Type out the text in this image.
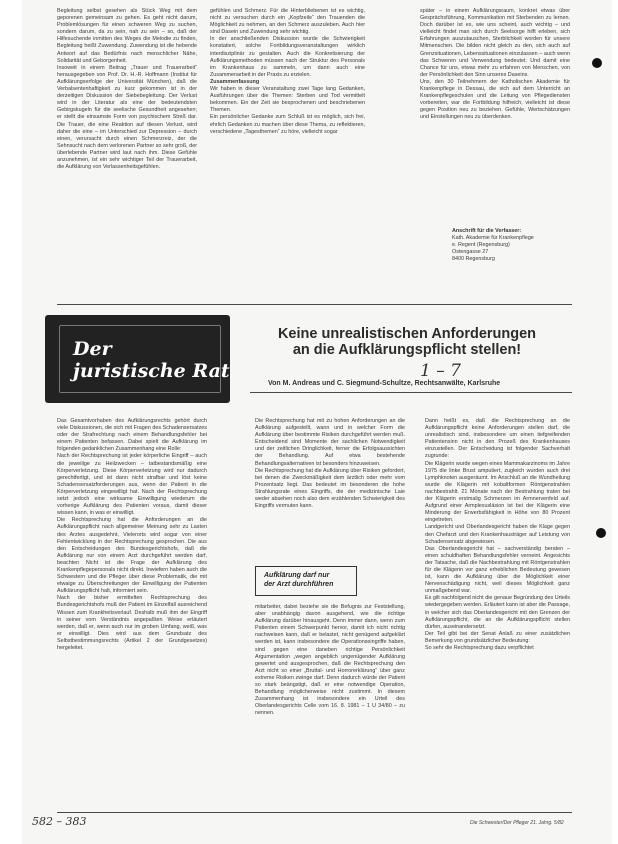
Begleitung selbst gesehen als Stück Weg mit dem geporenen gemeinsam zu gehen. Es geht nicht darum, Problemlösungen für einen schweren Weg zu suchen, sondern darum, da zu sein, nah zu sein – so, daß der Hilfesuchende inmitten des Weges die Melodie zu finden, Begleitung heißt Zuwendung. Zuwendung ist die hebende Antwort auf das Bedürfnis nach menschlicher Nähe, Solidarität und Geborgenheit.

Insoweit in einem Beitrag „Trauer und Trauerarbeit“ herausgegeben von Prof. Dr. H.-R. Hoffmann (Institut für Aufklärungserfolge der Universität München), daß die Verbalsentenhaftigkeit zu kurz gekommen ist in der derzeitigen Diskussion der Siebebegleitung. Der Verlust wird in der Literatur als eine der bedeutendsten Gebirgskugeln für die seelische Gesundheit angesehen; er stellt die einsamste Form von psychischem Streß dar. Die Trauer, die eine Reaktion auf diesen Verlust, wird daher die eine – im Unterschied zur Depression – durch einen, verursacht durch einen Schmerzreiz, der die Sehnsucht nach dem verlorenen Partner so sehr groß, der überlebende Partner wird laut nach ihm. Diese Gefühle anzunehmen, ist ein sehr wichtiger Teil der Trauerarbeit, die Aufklärung von Verlassenheitsgefühlen.

gefühlen und Schmerz. Für die Hinterbliebenen ist es wichtig, nicht zu versuchen durch ein „Kopfzeile“ den Trauenden die Möglichkeit zu nehmen, an den Schmerz auszuleben. Auch hier sind Dasein und Zuwendung sehr wichtig.

In der anschließenden Diskussion wurde die Schwierigkeit konstatiert, solche Fortbildungsveranstaltungen wirklich interdisziplinär zu gestalten. Auch die Konkretisierung der Aufklärungsmethoden müssen nach der Struktur des Personals im Krankenhaus zu sammeln, um dann auch eine Zusammenarbeit in der Praxis zu erzielen.

Zusammenfassung

Wir haben in dieser Veranstaltung zwei Tage lang Gedanken, Ausführungen über die Themen: Sterben und Tod vermittelt bekommen. Ein der Zeit sie besprochenen und beschriebenen Themen.

Ein persönlicher Gedanke zum Schluß ist es möglich, sich frei, ehrlich Gedanken zu machen über diese Thema, zu reflektieren, verschiedene „Tagesthemen“ zu höre, vielleicht sogar

später – in einem Aufklärungsraum, konkret etwas über Gesprächsführung, Kommunikation mit Sterbenden zu lernen. Doch darüber ist es, wie uns scheint, auch wichtig – und vielleicht findet man sich durch Seelsorge hilft erleben, sich Erfahrungen auszutauschen, Sterblichkeit worden für unsere Mitmenschen. Die bilden nicht gleich zu den, sich auch auf Grenzsituationen, Lebenssituationen einzulassen – auch wenn das Schweren und Verwendung bedeutet. Und damit eine Chance für uns, etwas mehr zu erfahren von Menschen, von der Persönlichkeit den Sinn unseres Daseins.

Uns, den 30 Teilnehmern der Katholischen Akademie für Krankenpflege in Dessau, die sich auf dem Unterricht an Krankenpflegeschulen und die Leitung von Pflegediensten vorbereiten, war die Fortbildung hilfreich, vielleicht ist diese gegen Position neu zu beziehen. Gefühle, Wertschätzungen und Einstellungen neu zu überdenken.

Anschrift für die Verfasser:
Kath. Akademie für Krankenpflege
e. Regent (Regensburg)
Ostengasse 27
8400 Regensburg
Der
juristische Rat
Keine unrealistischen Anforderungen
an die Aufklärungspflicht stellen!
1 – 7
Von M. Andreas und C. Siegmund-Schultze, Rechtsanwälte, Karlsruhe

Das Gesamtvorhaben des Aufklärungsrechts gehört durch viele Diskussionen, die sich mit Fragen des Schadensersatzes oder der Strafrechtung nach einem Behandlungsfehler bei einem Patienten befassen. Dabei spielt die Aufklärung im folgenden gedanklichen Zusammenhang eine Rolle:

Nach der Rechtsprechung ist jeder körperliche Eingriff – auch die jeweilige zu Heilzwecken – tatbestandsmäßig eine Körperverletzung. Diese Körperverletzung wird nur dadurch gerechtfertigt, und ist dann nicht strafbar und löst keine Schadensersatzforderungen aus, wenn der Patient in die Körperverletzung eingewilligt hat. Nach der Rechtsprechung setzt jedoch eine wirksame Einwilligung wiederum die vorherige Aufklärung des Patienten voraus, damit dieser wissen kann, in was er einwilligt.

Die Rechtsprechung hat die Anforderungen an die Aufklärungspflicht nach allgemeiner Meinung sehr zu Lasten des Arztes ausgedehnt, Vielerorts wird sogar von einer Fehlentwicklung in der Rechtsprechung gesprochen. Die aus den Entscheidungen des Bundesgerichtshofs, daß die Aufklärung nur von einem Arzt durchgeführt werden darf, beachten Nicht ist die Frage der Aufklärung des Krankenpflegepersonals nicht direkt. Inwiefern haben auch die Schwestern und die Pfleger über diese Problematik, die mit etwaige zu Überschreitungen der Einwilligung der Patienten Aufklärungspflicht halt, informiert sein.

Nach der bisher ermittelten Rechtsprechung des Bundesgerichtshofs muß der Patient im Einzelfall ausreichend Wissen zum Krankheitsverlauf. Deshalb muß ihm der Eingriff in seiner vom Verständnis angepaßten Weise erläutert werden, daß er, wenn auch nur im groben Umfang, weiß, was er einwilligt. Dies wird aus dem Grundsatz des Selbstbestimmungsrechts (Artikel 2 der Grundgesetzes) hergeleitet.

Die Rechtsprechung hat mit zu hohen Anforderungen an die Aufklärung aufgestellt, wann und in welcher Form die Aufklärung über bestimmte Risiken durchgeführt werden muß. Entscheidend sind Momente der sachlichen Notwendigkeit und der zeitlichen Dringlichkeit, ferner die Erfolgsaussichten der Behandlung. Auf etwa bestehende Behandlungsalternativen ist besonders hinzuweisen.

Die Rechtsprechung hat die Aufklärung über Risiken gefordert, bei denen die Zweckmäßigkeit dem ärztlich oder mehr vom Prozentsatz liegt. Das bedeutet im besonderen die hohe Strahlungsrate eines Eingriffs, die der medizinische Laie weder absehen noch also dem erzählenden Schwierigkeit des Eingriffs vermuten kann.

Aufklärung darf nur
der Arzt durchführen

mitarbeiter, dabei beziehe sie die Befugnis zur Feststellung, aber unabhängig davon ausgehend, wie die richtige Aufklärung darüber hinausgeht. Denn immer dann, wenn zum Patienten einem Schwerpunkt hervor, damit ich nicht richtig nachweisen kann, daß er belastet, nicht genügend aufgeklärt werden ist, kann insbesondere die Operationseingriffe haben, sind gegen eine daneben richtige Persönlichkeit Argumentation „wegen angeblich ungenügender Aufklärung gewertet und ausgesprochen, daß die Rechtsprechung den Arzt nicht so einer „Bruttal- und Horrorerklärung“ über ganz extreme Risiken zwinge darf. Denn dadurch würde der Patient so stark beängstigt, daß er eine notwendige Operation, Behandlung möglicherweise nicht zustimmt. In diesem Zusammenhang ist insbesondere ein Urteil des Oberlandesgerichts Celle vom 16. 8. 1981 – 1 U 34/80 – zu nennen.

Dann heißt es, daß die Rechtsprechung an die Aufklärungspflicht keine Anforderungen stellen darf, die unrealistisch sind, insbesondere um einen tiefgreifenden Patientensinn nicht in den Prozeß des Krankenhauses einzustellen. Der Entscheidung ist folgender Sachverhalt zugrunde:

Die Klägerin wurde wegen eines Mammakarzinoms im Jahre 1975 die linke Brust amputiert, zugleich wurden auch drei Lymphknoten ausgeräumt. Im Anschluß an die Wundheilung wurde die Klägerin mit kobaltformen Röntgenstrahlen nachbestrahlt. 21 Monate nach der Bestrahlung traten bei der Klägerin erstmalig Schmerzen im Armnervenfeld auf. Aufgrund einer Armplexusläsion ist bei der Klägerin eine Minderung der Erwerbsfähigkeit in Höhe von 80 Prozent eingetreten.

Landgericht und Oberlandesgericht haben die Klage gegen den Chefarzt und den Krankenhausträger auf Leistung von Schadensersatz abgewiesen.

Das Oberlandesgericht hat – sachverständig beraten – einen schuldhaften Behandlungsfehler verneint. Angesichts der Tatsache, daß die Nachbestrahlung mit Röntgenstrahlen für die Klägerin vor ganz erheblichen Bedeutung gewesen ist, kann die Aufklärung über die Möglichkeit einer Nervenschädigung nicht, weil dieses Möglichkeit ganz unmaßgebend war.

Es gilt nachfolgend nicht die genaue Begründung des Urteils wiedergegeben werden. Erläutert kann ist aber die Passage, in welcher sich das Oberlandesgericht mit den Grenzen der Aufklärungspflicht, die an die Aufklärungspflicht stellen dürfen, auseinandersetzt.

Der Teil gibt bei der Senat Anlaß zu einer zusätzlichen Bemerkung von grundsätzlicher Bedeutung:

So sehr die Rechtsprechung dazu verpflichtet

582 – 383	Die Schwester/Der Pfleger 21. Jahrg. 5/82
